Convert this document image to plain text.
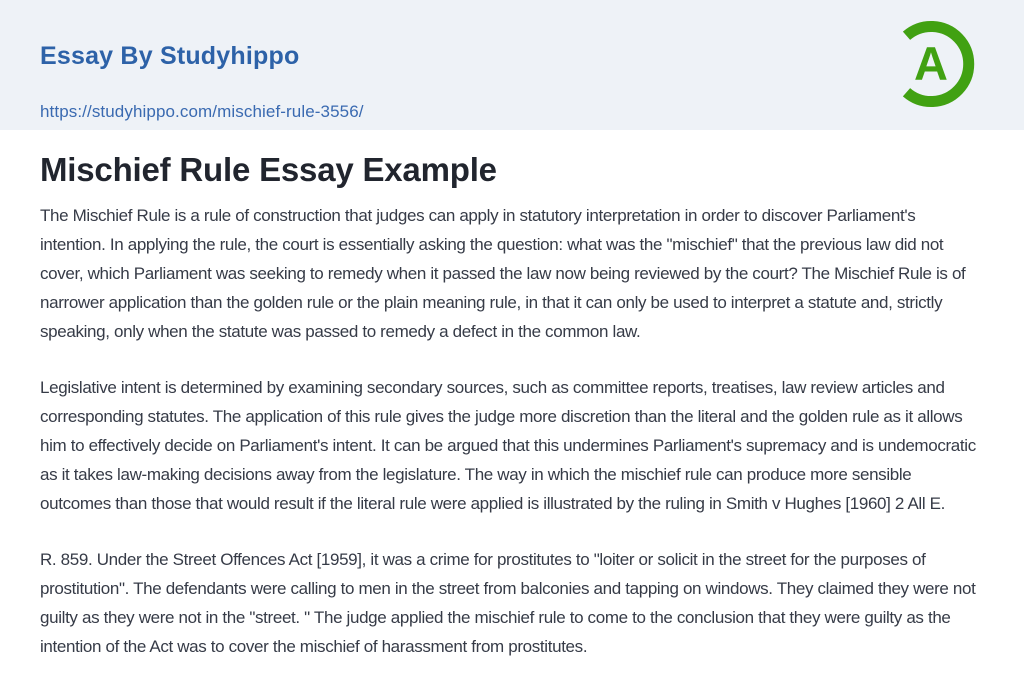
Essay By Studyhippo

https://studyhippo.com/mischief-rule-3556/
A
Mischief Rule Essay Example

The Mischief Rule is a rule of construction that judges can apply in statutory interpretation in order to discover Parliament's intention. In applying the rule, the court is essentially asking the question: what was the "mischief" that the previous law did not cover, which Parliament was seeking to remedy when it passed the law now being reviewed by the court? The Mischief Rule is of narrower application than the golden rule or the plain meaning rule, in that it can only be used to interpret a statute and, strictly speaking, only when the statute was passed to remedy a defect in the common law.

Legislative intent is determined by examining secondary sources, such as committee reports, treatises, law review articles and corresponding statutes. The application of this rule gives the judge more discretion than the literal and the golden rule as it allows him to effectively decide on Parliament's intent. It can be argued that this undermines Parliament's supremacy and is undemocratic as it takes law-making decisions away from the legislature. The way in which the mischief rule can produce more sensible outcomes than those that would result if the literal rule were applied is illustrated by the ruling in Smith v Hughes [1960] 2 All E.

R. 859. Under the Street Offences Act [1959], it was a crime for prostitutes to "loiter or solicit in the street for the purposes of prostitution". The defendants were calling to men in the street from balconies and tapping on windows. They claimed they were not guilty as they were not in the "street. " The judge applied the mischief rule to come to the conclusion that they were guilty as the intention of the Act was to cover the mischief of harassment from prostitutes.
